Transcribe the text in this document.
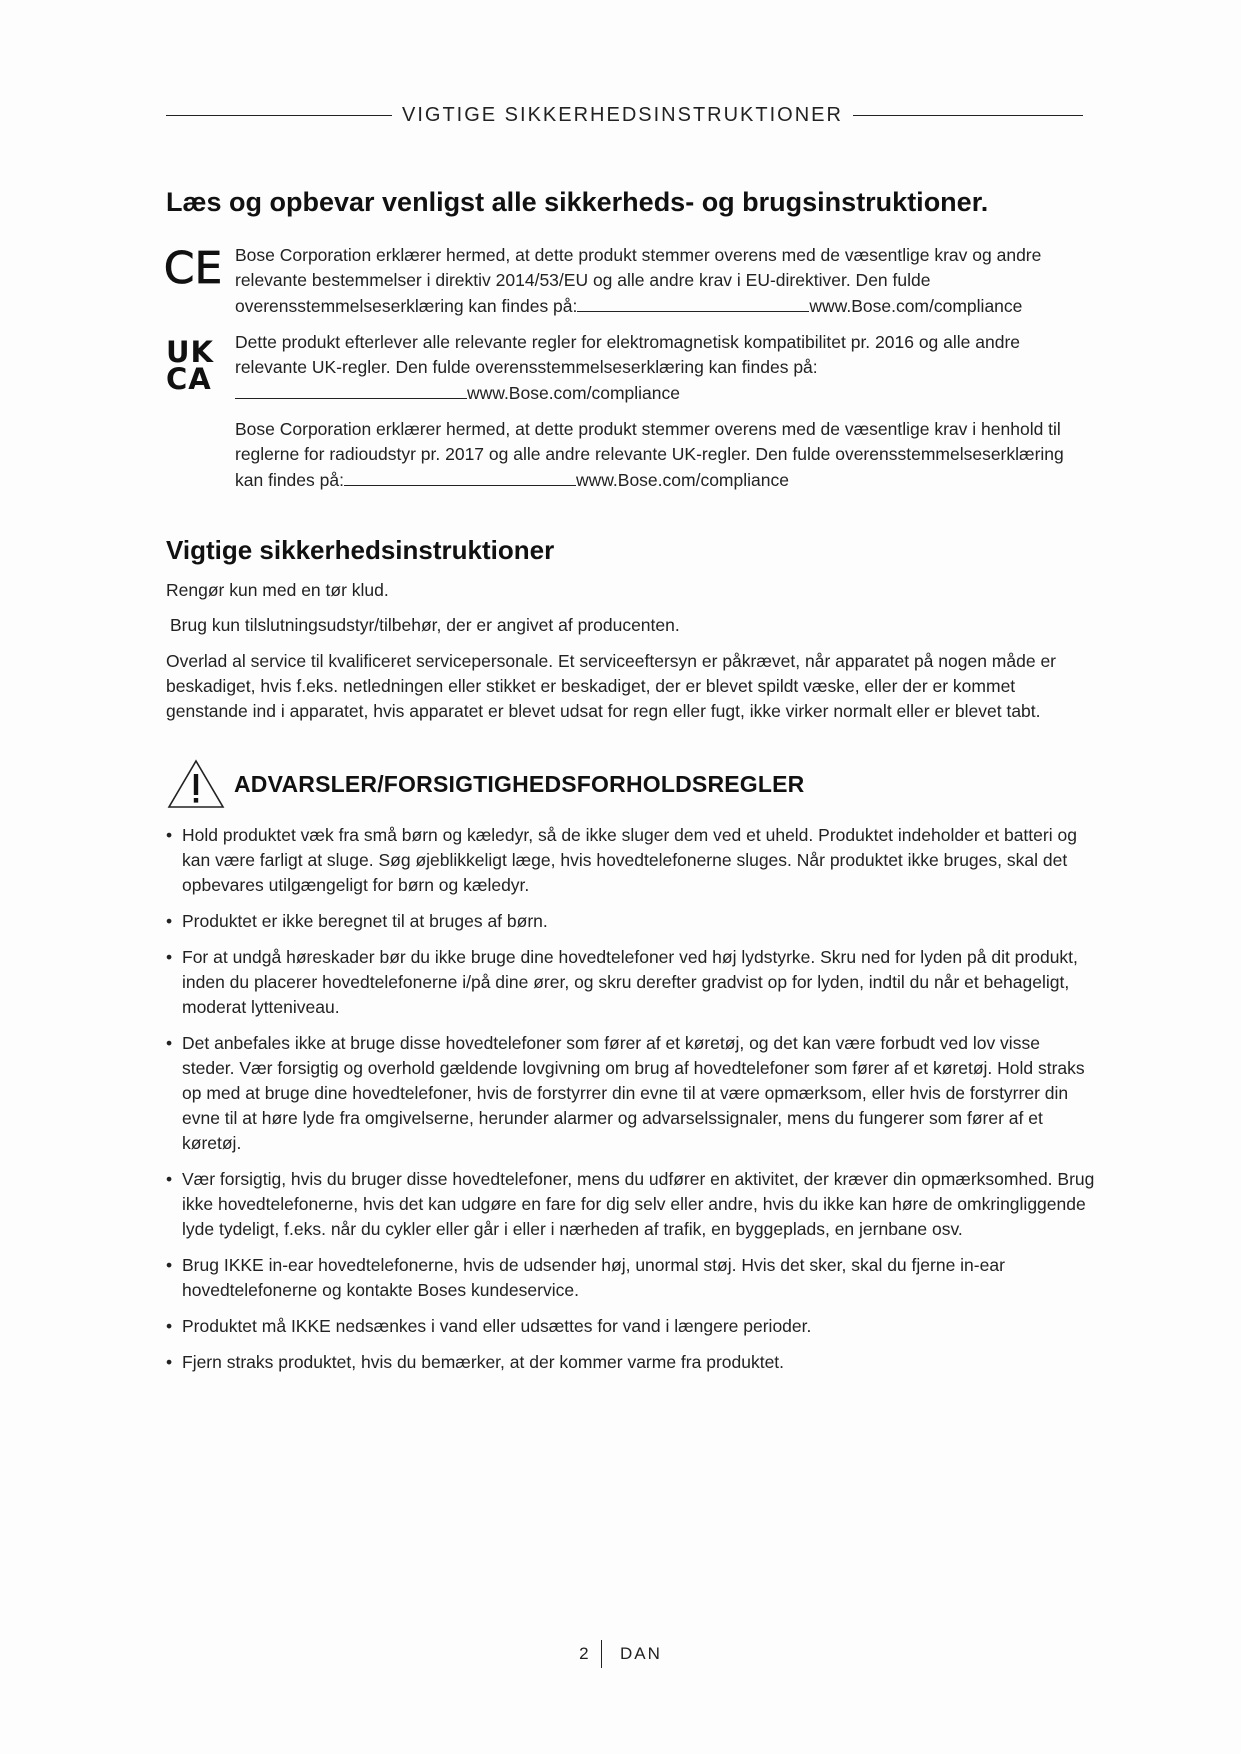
VIGTIGE SIKKERHEDSINSTRUKTIONER
Læs og opbevar venligst alle sikkerheds- og brugsinstruktioner.
CE Bose Corporation erklærer hermed, at dette produkt stemmer overens med de væsentlige krav og andre relevante bestemmelser i direktiv 2014/53/EU og alle andre krav i EU-direktiver. Den fulde overensstemmelseserklæring kan findes på:	www.Bose.com/compliance
UK
CA
Dette produkt efterlever alle relevante regler for elektromagnetisk kompatibilitet pr. 2016 og alle andre relevante UK-regler. Den fulde overensstemmelseserklæring kan findes på:
www.Bose.com/compliance
Bose Corporation erklærer hermed, at dette produkt stemmer overens med de væsentlige krav i henhold til reglerne for radioudstyr pr. 2017 og alle andre relevante UK-regler. Den fulde overensstemmelseserklæring kan findes på:	www.Bose.com/compliance
Vigtige sikkerhedsinstruktioner

Rengør kun med en tør klud.

Brug kun tilslutningsudstyr/tilbehør, der er angivet af producenten.

Overlad al service til kvalificeret servicepersonale. Et serviceeftersyn er påkrævet, når apparatet på nogen måde er beskadiget, hvis f.eks. netledningen eller stikket er beskadiget, der er blevet spildt væske, eller der er kommet genstande ind i apparatet, hvis apparatet er blevet udsat for regn eller fugt, ikke virker normalt eller er blevet tabt.

ADVARSLER/FORSIGTIGHEDSFORHOLDSREGLER
• Hold produktet væk fra små børn og kæledyr, så de ikke sluger dem ved et uheld. Produktet indeholder et batteri og kan være farligt at sluge. Søg øjeblikkeligt læge, hvis hovedtelefonerne sluges. Når produktet ikke bruges, skal det opbevares utilgængeligt for børn og kæledyr.
• Produktet er ikke beregnet til at bruges af børn.
• For at undgå høreskader bør du ikke bruge dine hovedtelefoner ved høj lydstyrke. Skru ned for lyden på dit produkt, inden du placerer hovedtelefonerne i/på dine ører, og skru derefter gradvist op for lyden, indtil du når et behageligt, moderat lytteniveau.
• Det anbefales ikke at bruge disse hovedtelefoner som fører af et køretøj, og det kan være forbudt ved lov visse steder. Vær forsigtig og overhold gældende lovgivning om brug af hovedtelefoner som fører af et køretøj. Hold straks op med at bruge dine hovedtelefoner, hvis de forstyrrer din evne til at være opmærksom, eller hvis de forstyrrer din evne til at høre lyde fra omgivelserne, herunder alarmer og advarselssignaler, mens du fungerer som fører af et køretøj.
• Vær forsigtig, hvis du bruger disse hovedtelefoner, mens du udfører en aktivitet, der kræver din opmærksomhed. Brug ikke hovedtelefonerne, hvis det kan udgøre en fare for dig selv eller andre, hvis du ikke kan høre de omkringliggende lyde tydeligt, f.eks. når du cykler eller går i eller i nærheden af trafik, en byggeplads, en jernbane osv.
• Brug IKKE in-ear hovedtelefonerne, hvis de udsender høj, unormal støj. Hvis det sker, skal du fjerne in-ear hovedtelefonerne og kontakte Boses kundeservice.
• Produktet må IKKE nedsænkes i vand eller udsættes for vand i længere perioder.
• Fjern straks produktet, hvis du bemærker, at der kommer varme fra produktet.
2 DAN
